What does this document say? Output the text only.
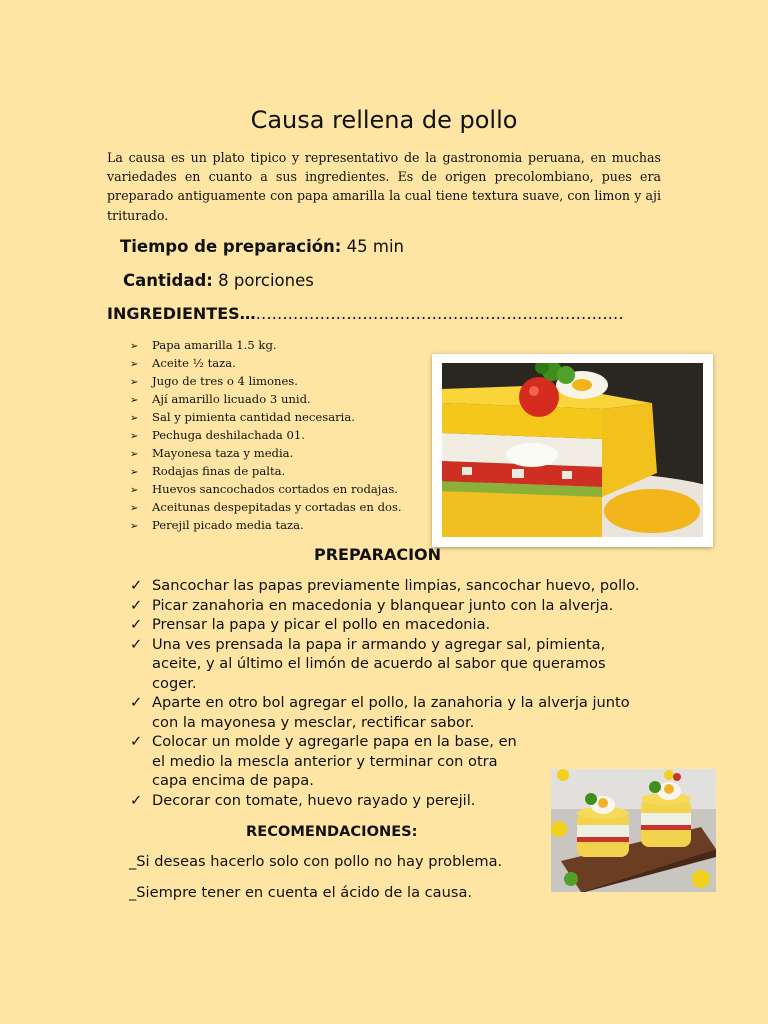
Causa rellena de pollo

La causa es un plato tipico y representativo de la gastronomia peruana, en muchas variedades en cuanto a sus ingredientes. Es de origen precolombiano, pues era preparado antiguamente con papa amarilla la cual tiene textura suave, con limon y aji triturado.

Tiempo de preparación: 45 min
Cantidad: 8 porciones
INGREDIENTES………………………………………………………………
➢ Papa amarilla 1.5 kg.
➢ Aceite ½ taza.
➢ Jugo de tres o 4 limones.
➢ Ají amarillo licuado 3 unid.
➢ Sal y pimienta cantidad necesaria.
➢ Pechuga deshilachada 01.
➢ Mayonesa taza y media.
➢ Rodajas finas de palta.
➢ Huevos sancochados cortados en rodajas.
➢ Aceitunas despepitadas y cortadas en dos.
➢ Perejil picado media taza.
PREPARACION
✓ Sancochar las papas previamente limpias, sancochar huevo, pollo.
✓ Picar zanahoria en macedonia y blanquear junto con la alverja.
✓ Prensar la papa y picar el pollo en macedonia.
✓ Una ves prensada la papa ir armando y agregar sal, pimienta, aceite, y al último el limón de acuerdo al sabor que queramos coger.
✓ Aparte en otro bol agregar el pollo, la zanahoria y la alverja junto con la mayonesa y mesclar, rectificar sabor.
✓ Colocar un molde y agregarle papa en la base, en el medio la mescla anterior y terminar con otra capa encima de papa.
✓ Decorar con tomate, huevo rayado y perejil.
RECOMENDACIONES:
_Si deseas hacerlo solo con pollo no hay problema.
_Siempre tener en cuenta el ácido de la causa.
